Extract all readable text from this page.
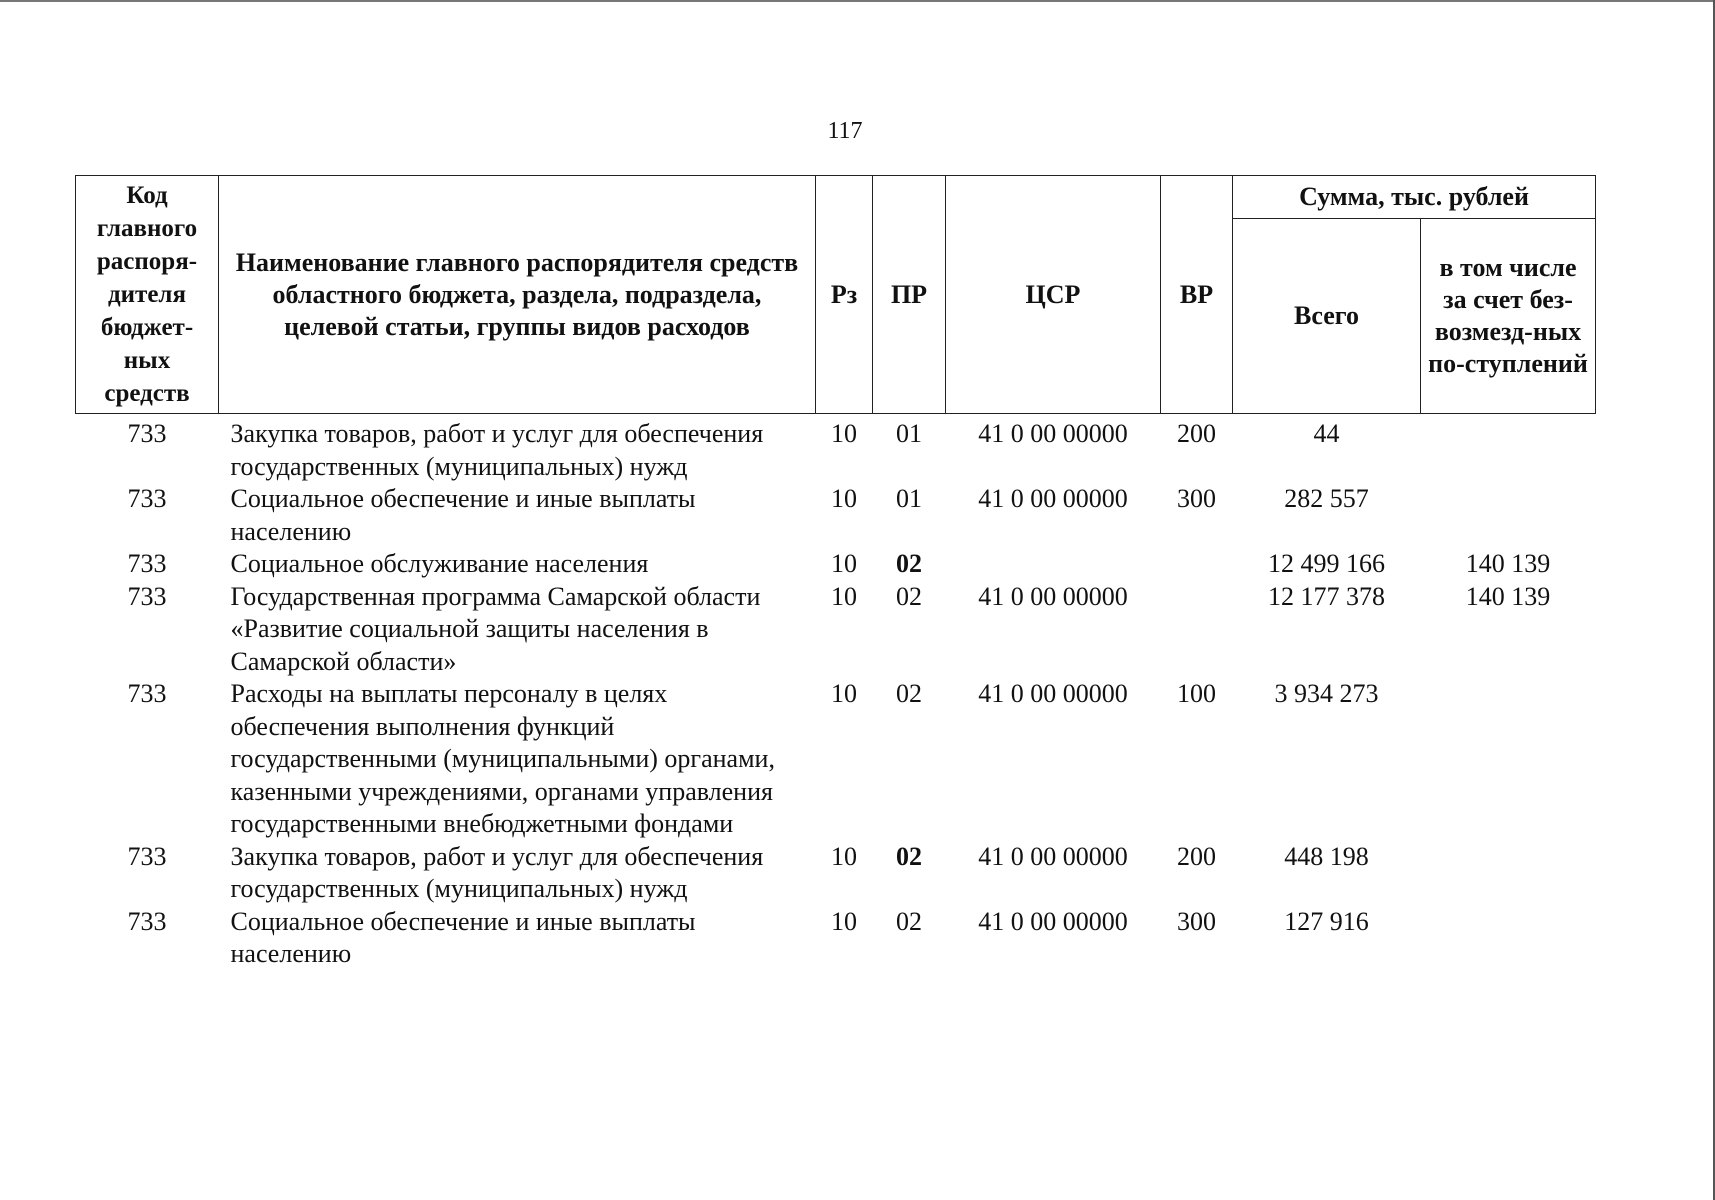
117
Код главного распоря-дителя бюджет-ных средств	Наименование главного распорядителя средств областного бюджета, раздела, подраздела, целевой статьи, группы видов расходов	Рз	ПР	ЦСР	ВР	Сумма, тыс. рублей	
						Всего	в том числе за счет без-возмезд-ных по-ступлений
733	Закупка товаров, работ и услуг для обеспечения государственных (муниципальных) нужд	10	01	41 0 00 00000	200	44	
733	Социальное обеспечение и иные выплаты населению	10	01	41 0 00 00000	300	282 557	
733	Социальное обслуживание населения	10	02			12 499 166	140 139
733	Государственная программа Самарской области «Развитие социальной защиты населения в Самарской области»	10	02	41 0 00 00000		12 177 378	140 139
733	Расходы на выплаты персоналу в целях обеспечения выполнения функций государственными (муниципальными) органами, казенными учреждениями, органами управления государственными внебюджетными фондами	10	02	41 0 00 00000	100	3 934 273	
733	Закупка товаров, работ и услуг для обеспечения государственных (муниципальных) нужд	10	02	41 0 00 00000	200	448 198	
733	Социальное обеспечение и иные выплаты населению	10	02	41 0 00 00000	300	127 916	
